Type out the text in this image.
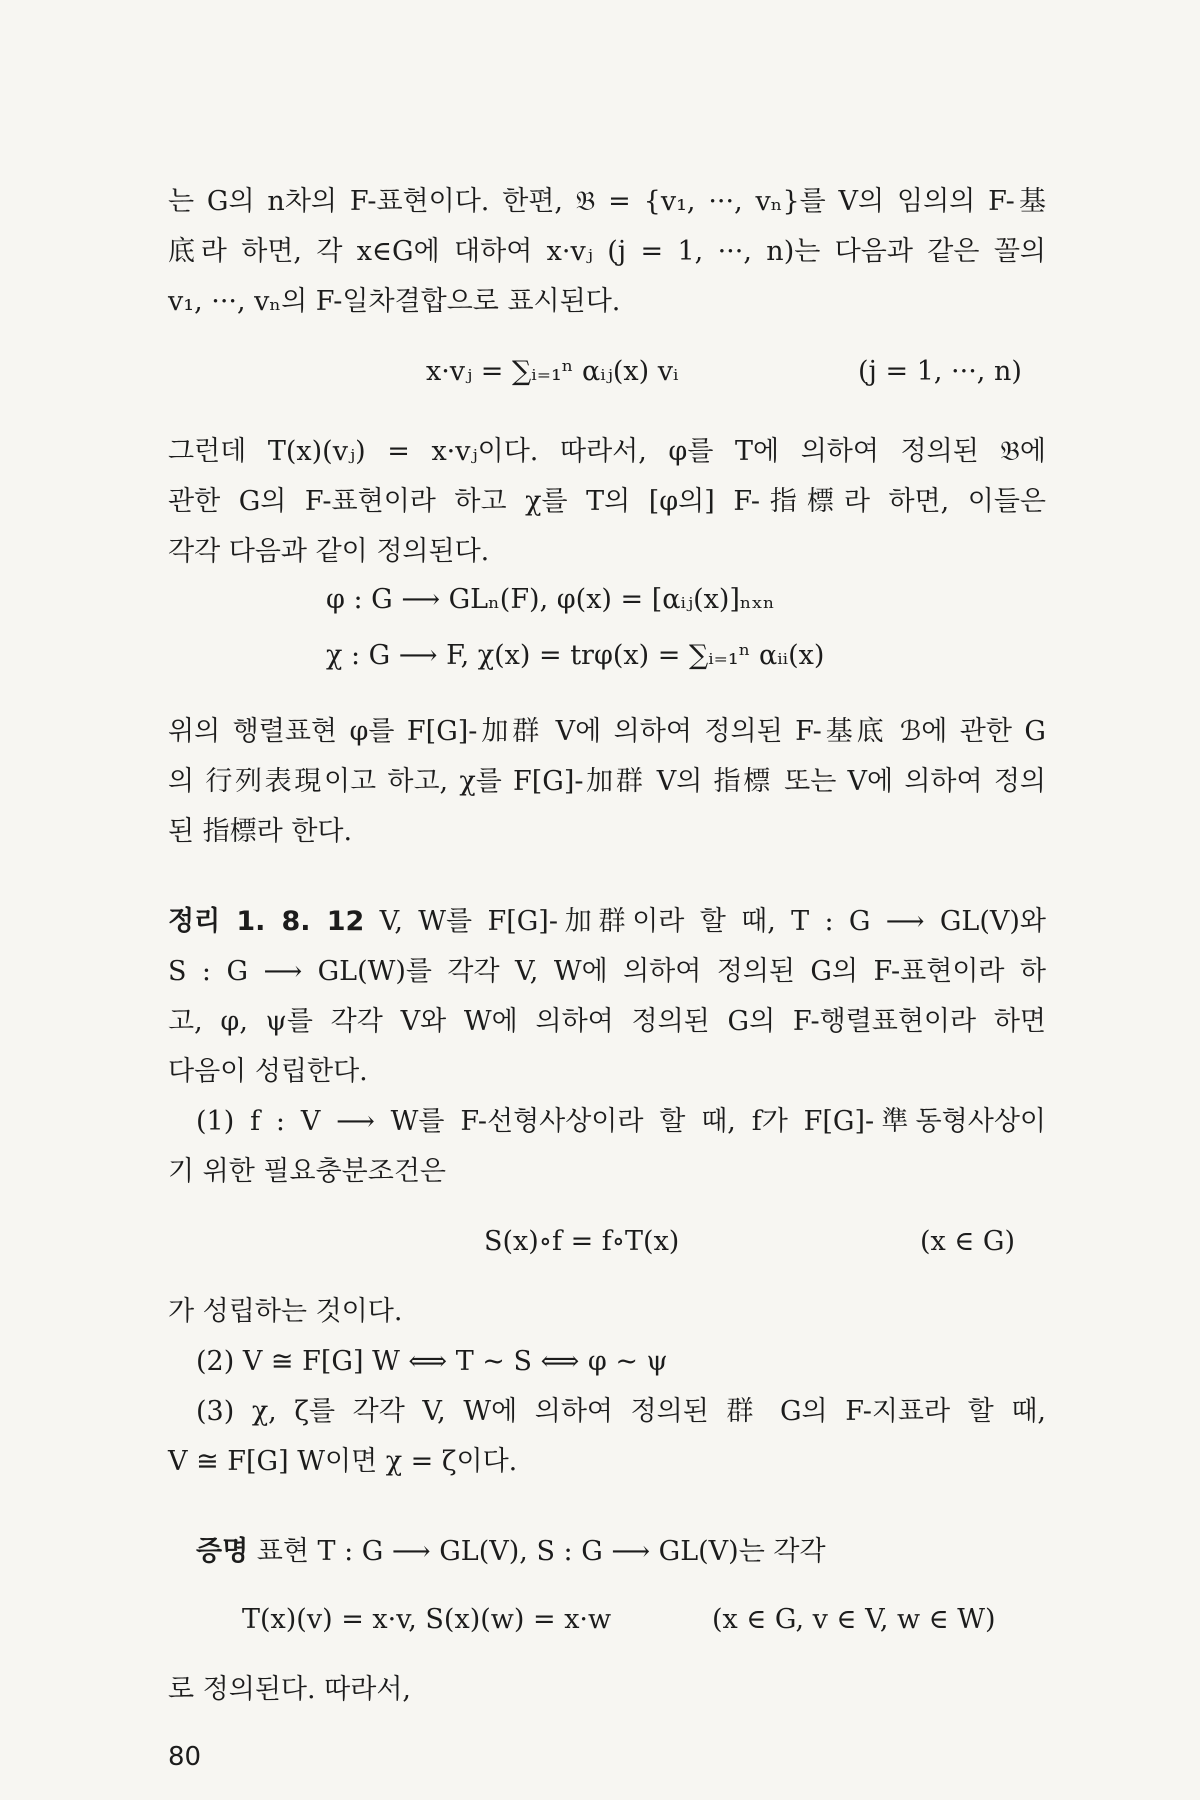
는 G의 n차의 F-표현이다. 한편, 𝔅 = {v₁, ···, vₙ}를 V의 임의의 F-基
底라 하면, 각 x∈G에 대하여 x·vⱼ (j = 1, ···, n)는 다음과 같은 꼴의
v₁, ···, vₙ의 F-일차결합으로 표시된다.
x·vⱼ = ∑ᵢ₌₁ⁿ αᵢⱼ(x) vᵢ	(j = 1, ···, n)
그런데 T(x)(vⱼ) = x·vⱼ이다. 따라서, φ를 T에 의하여 정의된 𝔅에
관한 G의 F-표현이라 하고 χ를 T의 [φ의] F-指標라 하면, 이들은
각각 다음과 같이 정의된다.
φ : G ⟶ GLₙ(F), φ(x) = [αᵢⱼ(x)]ₙₓₙ
χ : G ⟶ F, χ(x) = trφ(x) = ∑ᵢ₌₁ⁿ αᵢᵢ(x)
위의 행렬표현 φ를 F[G]-加群 V에 의하여 정의된 F-基底 ℬ에 관한 G
의 行列表現이고 하고, χ를 F[G]-加群 V의 指標 또는 V에 의하여 정의
된 指標라 한다.
정리 1. 8. 12 V, W를 F[G]-加群이라 할 때, T : G ⟶ GL(V)와
S : G ⟶ GL(W)를 각각 V, W에 의하여 정의된 G의 F-표현이라 하
고, φ, ψ를 각각 V와 W에 의하여 정의된 G의 F-행렬표현이라 하면
다음이 성립한다.
(1) f : V ⟶ W를 F-선형사상이라 할 때, f가 F[G]-準동형사상이
기 위한 필요충분조건은
S(x)∘f = f∘T(x)	(x ∈ G)
가 성립하는 것이다.
(2) V ≅ F[G] W ⟺ T ~ S ⟺ φ ~ ψ
(3) χ, ζ를 각각 V, W에 의하여 정의된 群 G의 F-지표라 할 때,
V ≅ F[G] W이면 χ = ζ이다.
증명 표현 T : G ⟶ GL(V), S : G ⟶ GL(V)는 각각
T(x)(v) = x·v, S(x)(w) = x·w	(x ∈ G, v ∈ V, w ∈ W)
로 정의된다. 따라서,
80
